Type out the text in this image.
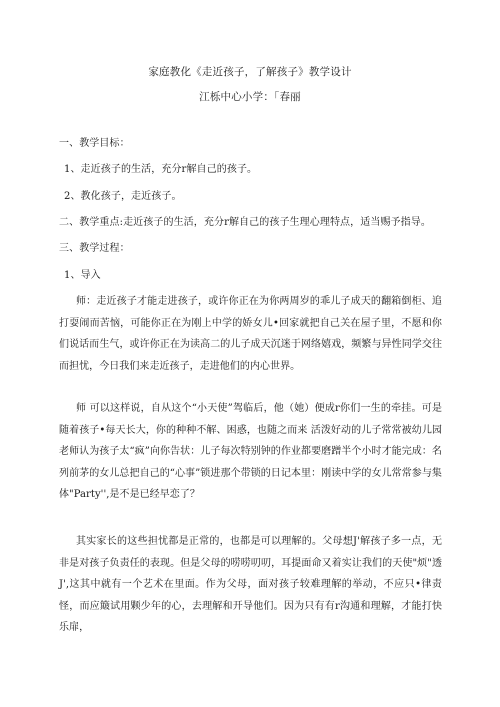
家庭教化《走近孩子，了解孩子》教学设计
江栎中心小学：「春丽
一、教学目标：
1、走近孩子的生活，充分r解自己的孩子。
2、教化孩子，走近孩子。
二、教学重点:走近孩子的生活，充分r解自己的孩子生理心理特点，适当赐予指导。
三、教学过程：
1、导入
师：走近孩子才能走进孩子，或许你正在为你两周岁的乖儿子成天的翻箱倒柜、追打耍闹而苦恼，可能你正在为刚上中学的娇女儿•回家就把自己关在屋子里，不愿和你们说话而生气，或许你正在为读高二的儿子成天沉迷于网络嬉戏，频繁与异性同学交往而担忧，今日我们来走近孩子，走进他们的内心世界。
师 可以这样说，自从这个“小天使”驾临后，他（她）便成r你们一生的牵挂。可是随着孩子•每天长大，你的种种不解、困惑，也随之而来 活泼好动的儿子常常被幼儿园老师认为孩子太“疯”向你告状：儿子每次特别钟的作业都要磨蹭半个小时才能完成：名列前茅的女儿总把自己的“心事”锁进那个带锁的日记本里：刚读中学的女儿常常参与集体"Party'',是不是已经早恋了？
其实家长的这些担忧都是正常的，也都是可以理解的。父母想J'解孩子多一点，无非是对孩子负责任的表现。但是父母的唠唠叨叨，耳提面命又着实让我们的天使"烦"透J',这其中就有一个艺术在里面。作为父母，面对孩子较难理解的举动，不应只•律责怪，而应簸试用颗少年的心，去理解和开导他们。因为只有有r沟通和理解，才能打快乐扉，
